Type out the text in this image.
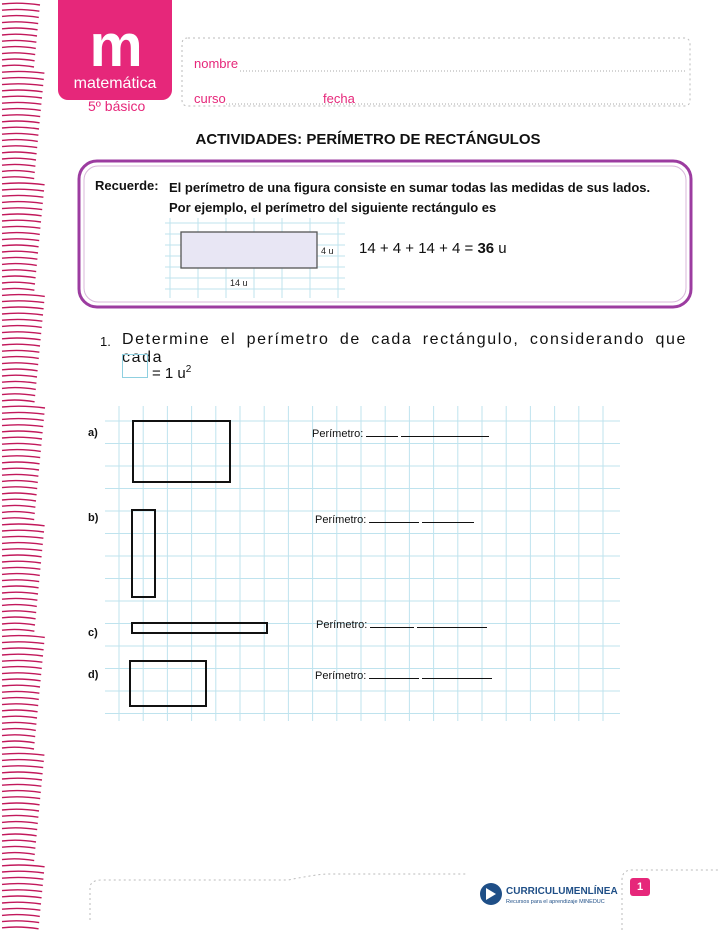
m
matemática
5º básico
nombre
curso	fecha
ACTIVIDADES: PERÍMETRO DE RECTÁNGULOS
Recuerde: El perímetro de una figura consiste en sumar todas las medidas de sus lados.
Por ejemplo, el perímetro del siguiente rectángulo es
4 u
14 u
14 + 4 + 14 + 4 = 36 u
1. Determine el perímetro de cada rectángulo, considerando que cada
= 1 $u^2$
a)
b)
c)
d)
Perímetro:
Perímetro:
Perímetro:
Perímetro:
CURRICULUMENLÍNEA
Recursos para el aprendizaje MINEDUC
1
